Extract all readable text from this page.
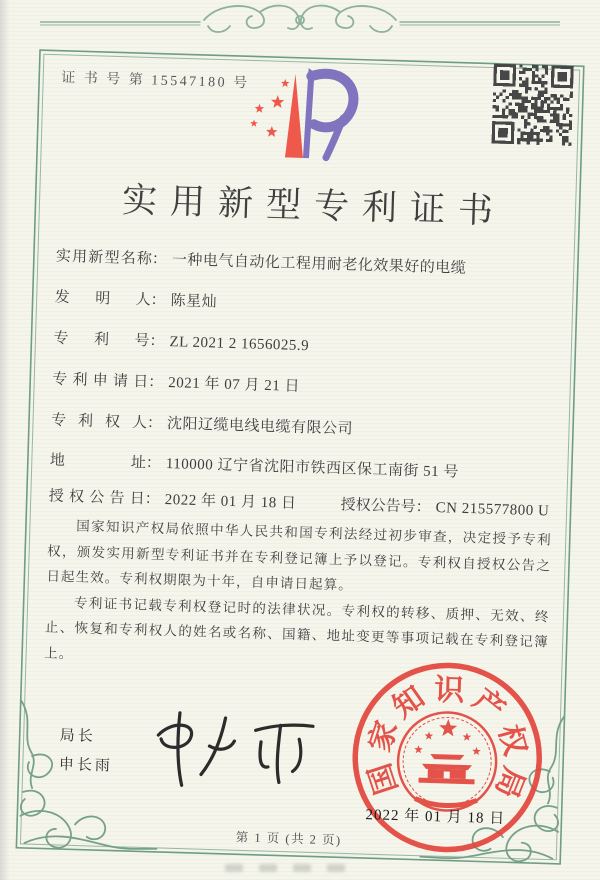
证 书 号 第 15547180 号
实用新型专利证书
实用新型名称： 一种电气自动化工程用耐老化效果好的电缆
发明人： 陈星灿
专利号： ZL 2021 2 1656025.9
专利申请日： 2021 年 07 月 21 日
专利权人： 沈阳辽缆电线电缆有限公司
地址： 110000 辽宁省沈阳市铁西区保工南街 51 号
授权公告日： 2022 年 01 月 18 日	授权公告号： CN 215577800 U

国家知识产权局依照中华人民共和国专利法经过初步审查，决定授予专利权，颁发实用新型专利证书并在专利登记簿上予以登记。专利权自授权公告之日起生效。专利权期限为十年，自申请日起算。

专利证书记载专利权登记时的法律状况。专利权的转移、质押、无效、终止、恢复和专利权人的姓名或名称、国籍、地址变更等事项记载在专利登记簿上。

局长
申长雨	国
家
知 识 产
权
局
2022 年 01 月 18 日
第 1 页 (共 2 页)
